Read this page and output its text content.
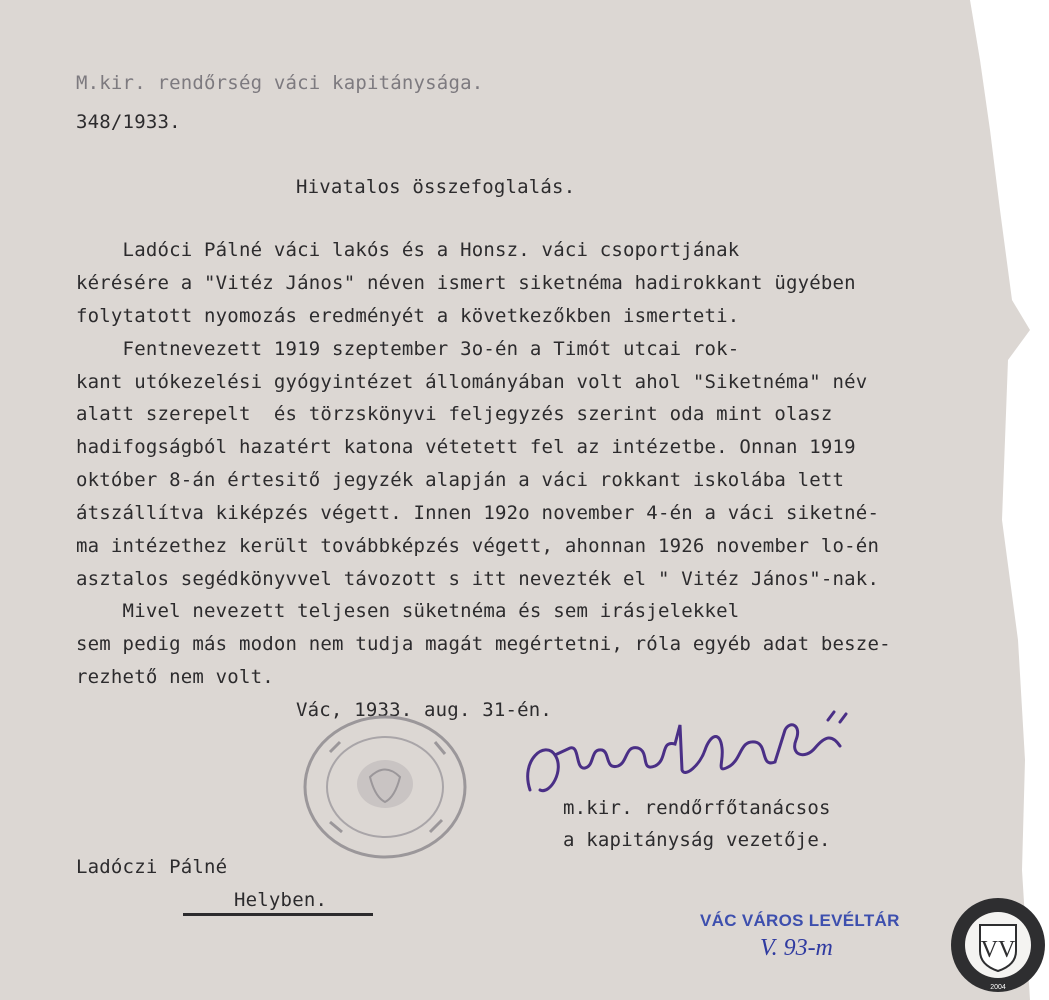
M.kir. rendőrség váci kapitánysága.
348/1933.
Hivatalos összefoglalás.
Ladóci Pálné váci lakós és a Honsz. váci csoportjának
kérésére a "Vitéz János" néven ismert siketnéma hadirokkant ügyében
folytatott nyomozás eredményét a következőkben ismerteti.
Fentnevezett 1919 szeptember 3o-én a Timót utcai rok-
kant utókezelési gyógyintézet állományában volt ahol "Siketnéma" név
alatt szerepelt  és törzskönyvi feljegyzés szerint oda mint olasz
hadifogságból hazatért katona vétetett fel az intézetbe. Onnan 1919
október 8-án értesitő jegyzék alapján a váci rokkant iskolába lett
átszállítva kiképzés végett. Innen 192o november 4-én a váci siketné-
ma intézethez került továbbképzés végett, ahonnan 1926 november lo-én
asztalos segédkönyvvel távozott s itt nevezték el " Vitéz János"-nak.
Mivel nevezett teljesen süketnéma és sem irásjelekkel
sem pedig más modon nem tudja magát megértetni, róla egyéb adat besze-
rezhető nem volt.
Vác, 1933. aug. 31-én.
m.kir. rendőrfőtanácsos
a kapitányság vezetője.
Ladóczi Pálné
Helyben.
VÁC VÁROS LEVÉLTÁR
V. 93-m	VV
2004
